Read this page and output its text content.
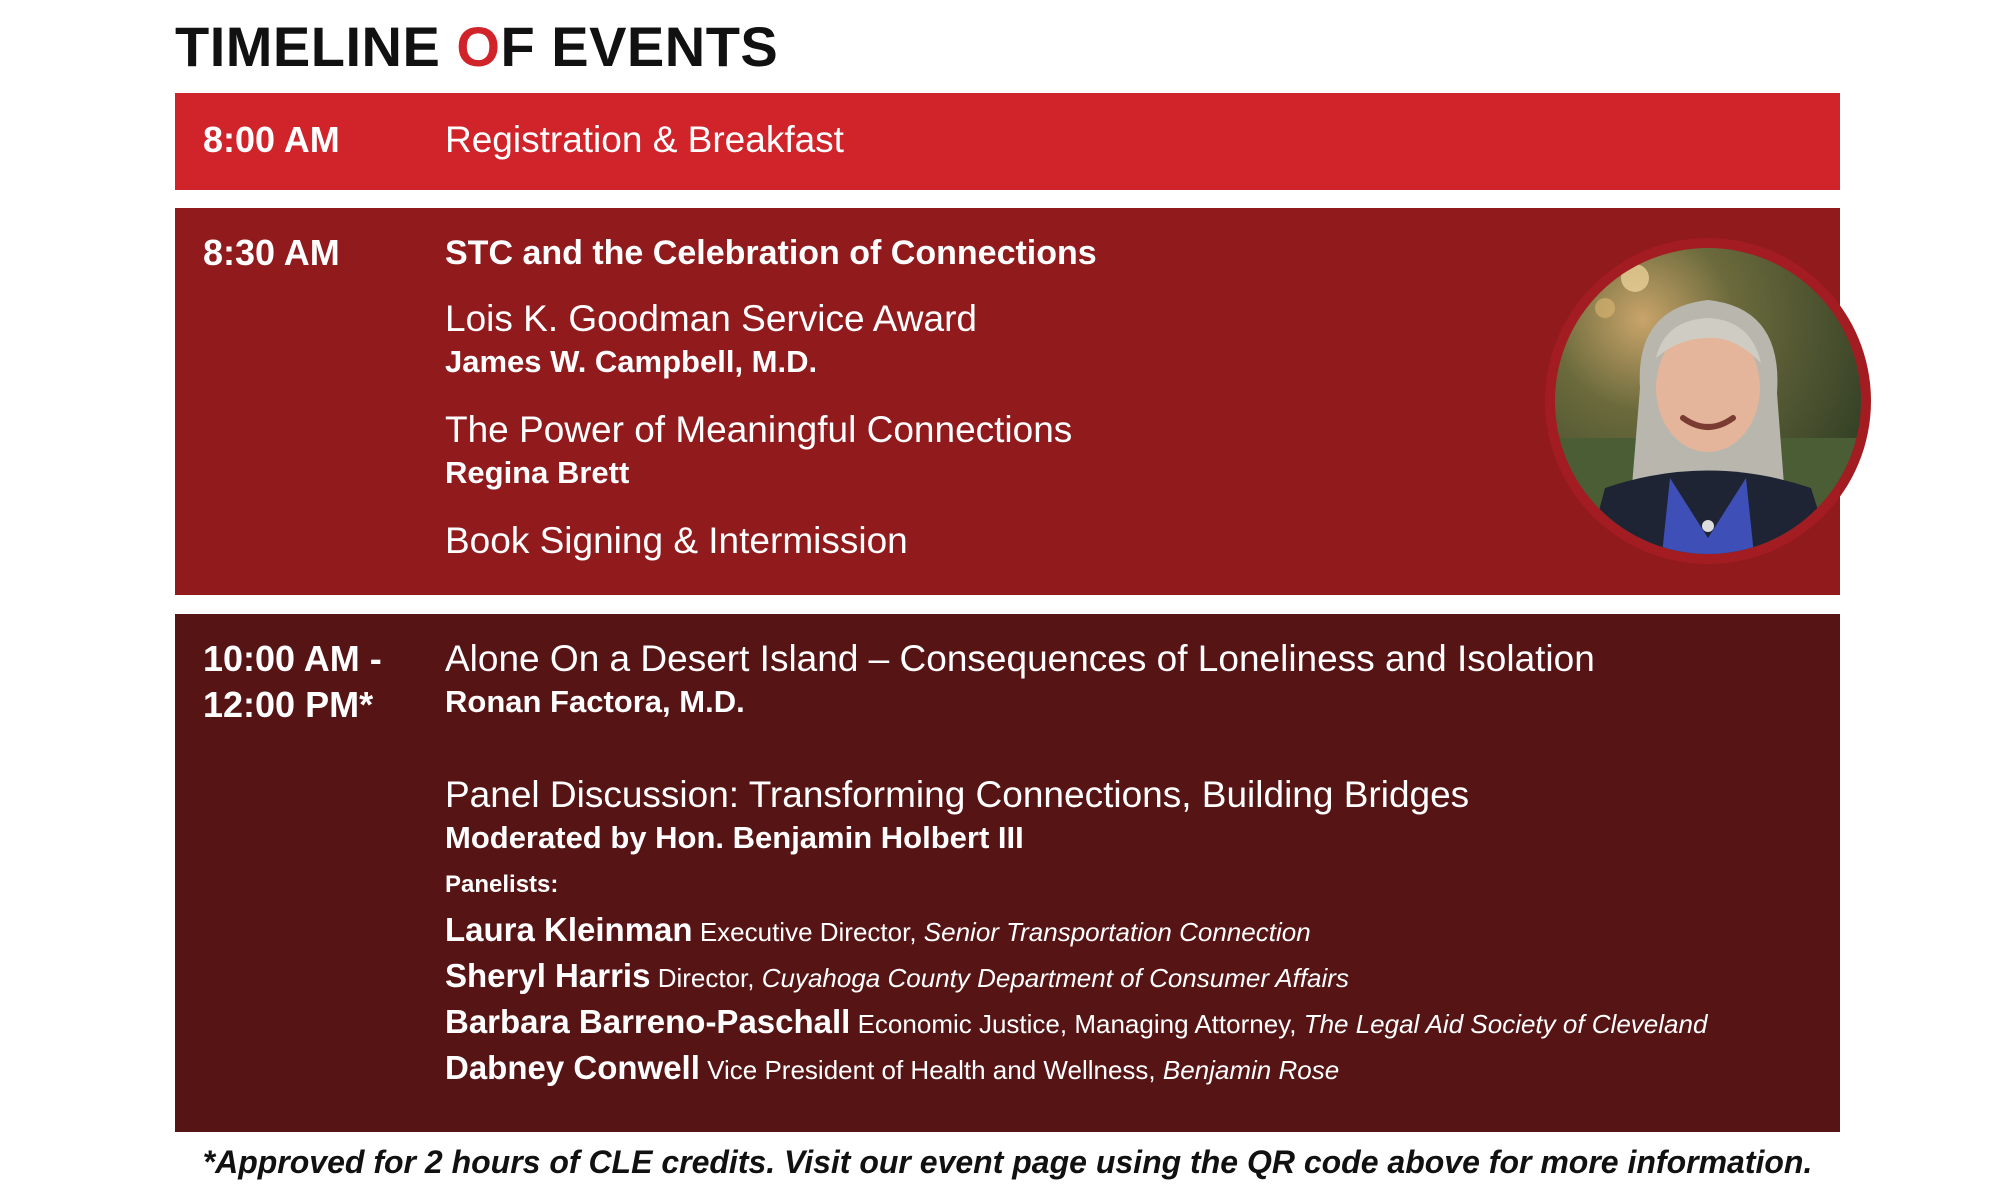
TIMELINE OF EVENTS
8:00 AM	Registration & Breakfast
8:30 AM	STC and the Celebration of Connections
Lois K. Goodman Service Award
James W. Campbell, M.D.
The Power of Meaningful Connections
Regina Brett
Book Signing & Intermission
10:00 AM -
12:00 PM*
Alone On a Desert Island – Consequences of Loneliness and Isolation
Ronan Factora, M.D.
Panel Discussion: Transforming Connections, Building Bridges
Moderated by Hon. Benjamin Holbert III
Panelists:
Laura Kleinman Executive Director, Senior Transportation Connection
Sheryl Harris Director, Cuyahoga County Department of Consumer Affairs
Barbara Barreno-Paschall Economic Justice, Managing Attorney, The Legal Aid Society of Cleveland
Dabney Conwell Vice President of Health and Wellness, Benjamin Rose
*Approved for 2 hours of CLE credits. Visit our event page using the QR code above for more information.
